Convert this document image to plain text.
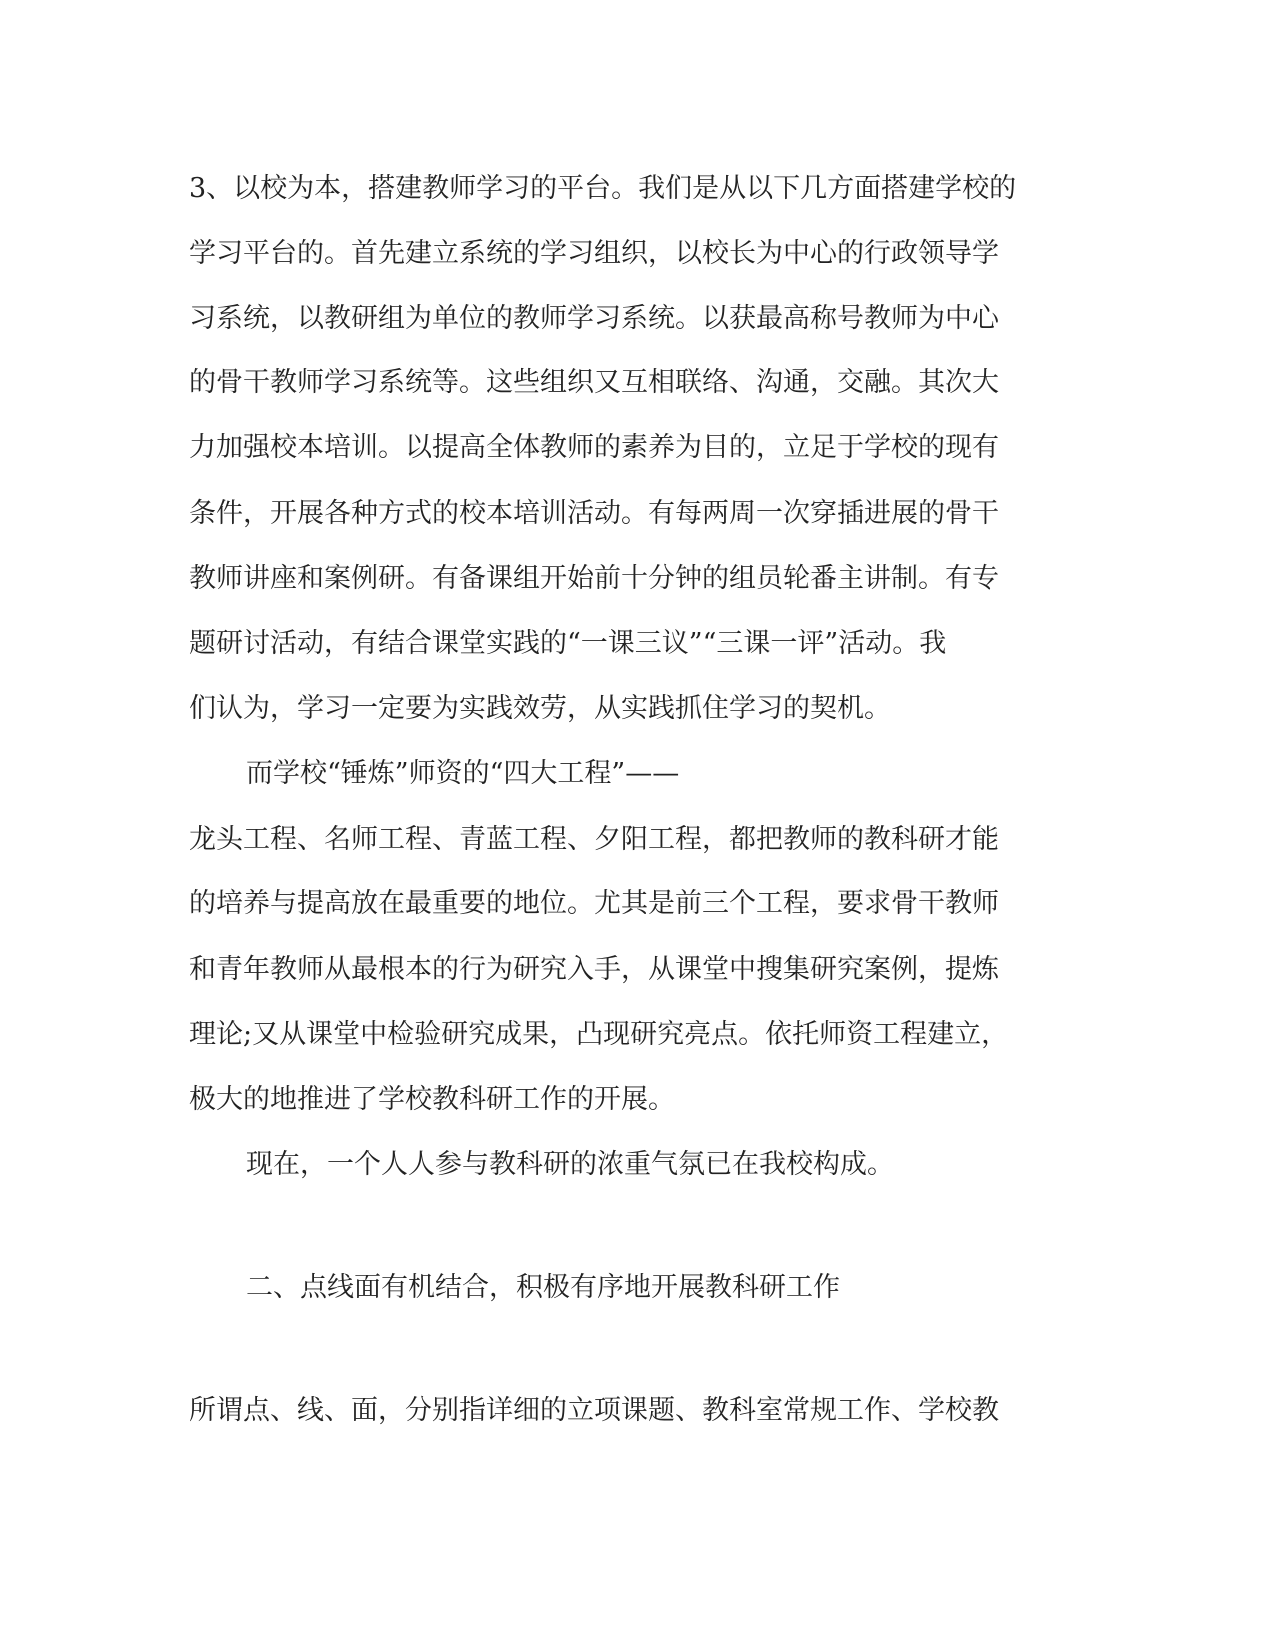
3、以校为本，搭建教师学习的平台。我们是从以下几方面搭建学校的
学习平台的。首先建立系统的学习组织，以校长为中心的行政领导学
习系统，以教研组为单位的教师学习系统。以获最高称号教师为中心
的骨干教师学习系统等。这些组织又互相联络、沟通，交融。其次大
力加强校本培训。以提高全体教师的素养为目的，立足于学校的现有
条件，开展各种方式的校本培训活动。有每两周一次穿插进展的骨干
教师讲座和案例研。有备课组开始前十分钟的组员轮番主讲制。有专
题研讨活动，有结合课堂实践的“一课三议”“三课一评”活动。我
们认为，学习一定要为实践效劳，从实践抓住学习的契机。
而学校“锤炼”师资的“四大工程”——
龙头工程、名师工程、青蓝工程、夕阳工程，都把教师的教科研才能
的培养与提高放在最重要的地位。尤其是前三个工程，要求骨干教师
和青年教师从最根本的行为研究入手，从课堂中搜集研究案例，提炼
理论;又从课堂中检验研究成果，凸现研究亮点。依托师资工程建立，
极大的地推进了学校教科研工作的开展。
现在，一个人人参与教科研的浓重气氛已在我校构成。
二、点线面有机结合，积极有序地开展教科研工作
所谓点、线、面，分别指详细的立项课题、教科室常规工作、学校教
